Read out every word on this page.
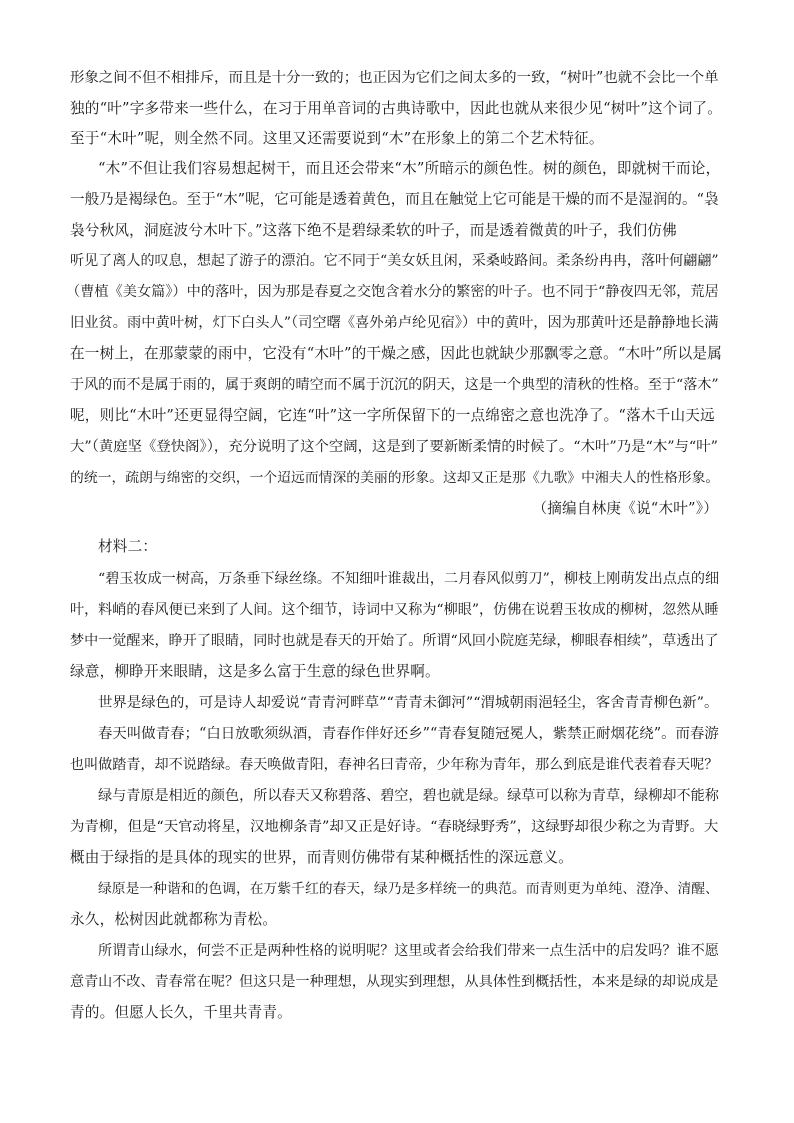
形象之间不但不相排斥，而且是十分一致的；也正因为它们之间太多的一致，“树叶”也就不会比一个单
独的“叶”字多带来一些什么，在习于用单音词的古典诗歌中，因此也就从来很少见“树叶”这个词了。
至于“木叶”呢，则全然不同。这里又还需要说到“木”在形象上的第二个艺术特征。
“木”不但让我们容易想起树干，而且还会带来“木”所暗示的颜色性。树的颜色，即就树干而论，
一般乃是褐绿色。至于“木”呢，它可能是透着黄色，而且在触觉上它可能是干燥的而不是湿润的。“袅
袅兮秋风，洞庭波兮木叶下。”这落下绝不是碧绿柔软的叶子，而是透着微黄的叶子，我们仿佛
听见了离人的叹息，想起了游子的漂泊。它不同于“美女妖且闲，采桑岐路间。柔条纷冉冉，落叶何翩翩”
（曹植《美女篇》）中的落叶，因为那是春夏之交饱含着水分的繁密的叶子。也不同于“静夜四无邻，荒居
旧业贫。雨中黄叶树，灯下白头人”（司空曙《喜外弟卢纶见宿》）中的黄叶，因为那黄叶还是静静地长满
在一树上，在那蒙蒙的雨中，它没有“木叶”的干燥之感，因此也就缺少那飘零之意。“木叶”所以是属
于风的而不是属于雨的，属于爽朗的晴空而不属于沉沉的阴天，这是一个典型的清秋的性格。至于“落木”
呢，则比“木叶”还更显得空阔，它连“叶”这一字所保留下的一点绵密之意也洗净了。“落木千山天远
大”（黄庭坚《登快阁》），充分说明了这个空阔，这是到了要新断柔情的时候了。“木叶”乃是“木”与“叶”
的统一，疏朗与绵密的交织，一个迢远而情深的美丽的形象。这却又正是那《九歌》中湘夫人的性格形象。
（摘编自林庚《说“木叶”》）
材料二：
“碧玉妆成一树高，万条垂下绿丝绦。不知细叶谁裁出，二月春风似剪刀”，柳枝上刚萌发出点点的细
叶，料峭的春风便已来到了人间。这个细节，诗词中又称为“柳眼”，仿佛在说碧玉妆成的柳树，忽然从睡
梦中一觉醒来，睁开了眼睛，同时也就是春天的开始了。所谓“风回小院庭芜绿，柳眼春相续”，草透出了
绿意，柳睁开来眼睛，这是多么富于生意的绿色世界啊。
世界是绿色的，可是诗人却爱说“青青河畔草”“青青未御河”“渭城朝雨浥轻尘，客舍青青柳色新”。
春天叫做青春；“白日放歌须纵酒，青春作伴好还乡”“青春复随冠冕人，紫禁正耐烟花绕”。而春游
也叫做踏青，却不说踏绿。春天唤做青阳，春神名曰青帝，少年称为青年，那么到底是谁代表着春天呢？
绿与青原是相近的颜色，所以春天又称碧落、碧空，碧也就是绿。绿草可以称为青草，绿柳却不能称
为青柳，但是“天官动将星，汉地柳条青”却又正是好诗。“春晓绿野秀”，这绿野却很少称之为青野。大
概由于绿指的是具体的现实的世界，而青则仿佛带有某种概括性的深远意义。
绿原是一种谐和的色调，在万紫千红的春天，绿乃是多样统一的典范。而青则更为单纯、澄净、清醒、
永久，松树因此就都称为青松。
所谓青山绿水，何尝不正是两种性格的说明呢？这里或者会给我们带来一点生活中的启发吗？谁不愿
意青山不改、青春常在呢？但这只是一种理想，从现实到理想，从具体性到概括性，本来是绿的却说成是
青的。但愿人长久，千里共青青。
